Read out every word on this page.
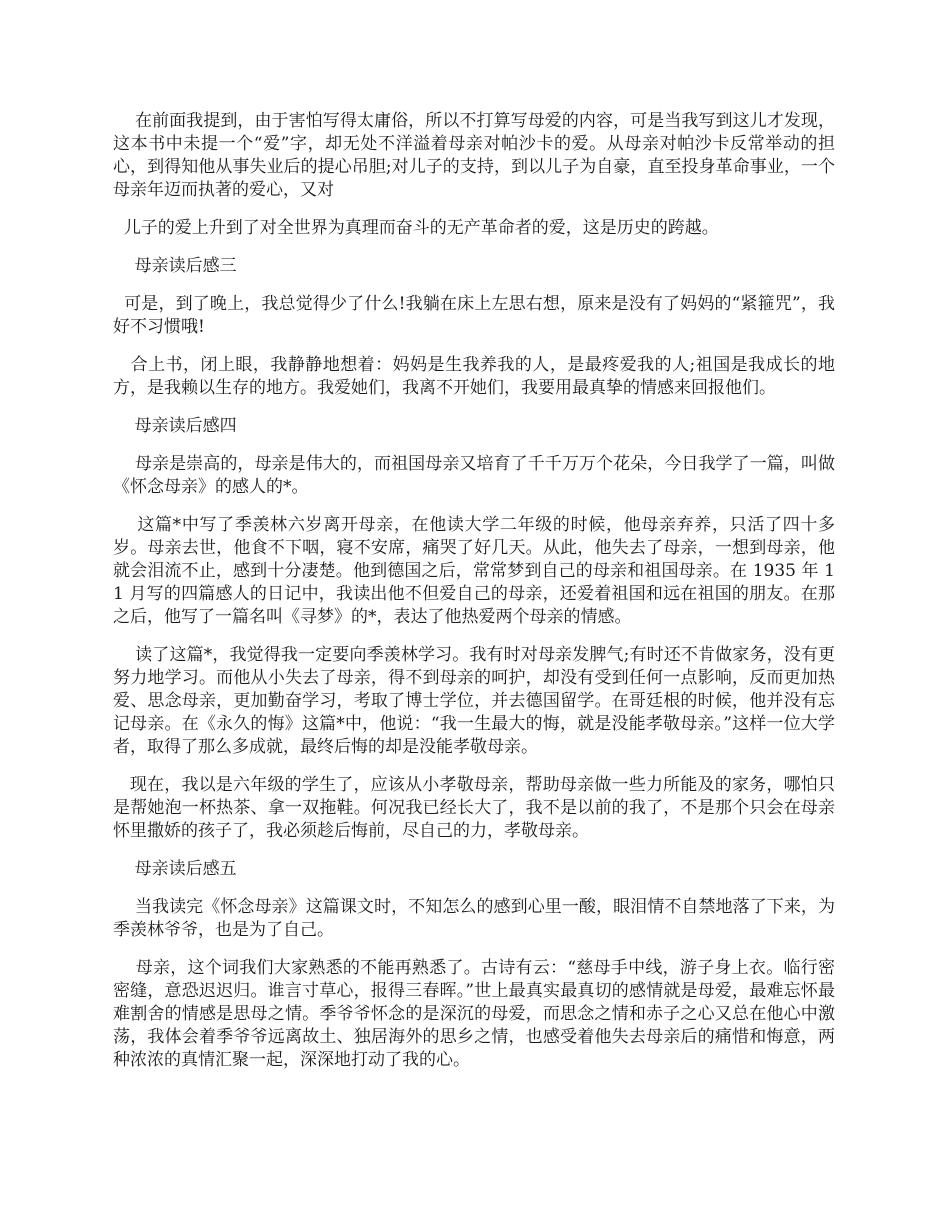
在前面我提到，由于害怕写得太庸俗，所以不打算写母爱的内容，可是当我写到这儿才发现，这本书中未提一个“爱”字，却无处不洋溢着母亲对帕沙卡的爱。从母亲对帕沙卡反常举动的担心，到得知他从事失业后的提心吊胆;对儿子的支持，到以儿子为自豪，直至投身革命事业，一个母亲年迈而执著的爱心，又对

儿子的爱上升到了对全世界为真理而奋斗的无产革命者的爱，这是历史的跨越。

母亲读后感三

可是，到了晚上，我总觉得少了什么!我躺在床上左思右想，原来是没有了妈妈的“紧箍咒”，我好不习惯哦!

合上书，闭上眼，我静静地想着：妈妈是生我养我的人，是最疼爱我的人;祖国是我成长的地方，是我赖以生存的地方。我爱她们，我离不开她们，我要用最真挚的情感来回报他们。

母亲读后感四

母亲是崇高的，母亲是伟大的，而祖国母亲又培育了千千万万个花朵，今日我学了一篇，叫做《怀念母亲》的感人的*。

这篇*中写了季羡林六岁离开母亲，在他读大学二年级的时候，他母亲弃养，只活了四十多岁。母亲去世，他食不下咽，寝不安席，痛哭了好几天。从此，他失去了母亲，一想到母亲，他就会泪流不止，感到十分凄楚。他到德国之后，常常梦到自己的母亲和祖国母亲。在 1935 年 11 月写的四篇感人的日记中，我读出他不但爱自己的母亲，还爱着祖国和远在祖国的朋友。在那之后，他写了一篇名叫《寻梦》的*，表达了他热爱两个母亲的情感。

读了这篇*，我觉得我一定要向季羡林学习。我有时对母亲发脾气;有时还不肯做家务，没有更努力地学习。而他从小失去了母亲，得不到母亲的呵护，却没有受到任何一点影响，反而更加热爱、思念母亲，更加勤奋学习，考取了博士学位，并去德国留学。在哥廷根的时候，他并没有忘记母亲。在《永久的悔》这篇*中，他说：“我一生最大的悔，就是没能孝敬母亲。”这样一位大学者，取得了那么多成就，最终后悔的却是没能孝敬母亲。

现在，我以是六年级的学生了，应该从小孝敬母亲，帮助母亲做一些力所能及的家务，哪怕只是帮她泡一杯热茶、拿一双拖鞋。何况我已经长大了，我不是以前的我了，不是那个只会在母亲怀里撒娇的孩子了，我必须趁后悔前，尽自己的力，孝敬母亲。

母亲读后感五

当我读完《怀念母亲》这篇课文时，不知怎么的感到心里一酸，眼泪情不自禁地落了下来，为季羡林爷爷，也是为了自己。

母亲，这个词我们大家熟悉的不能再熟悉了。古诗有云：“慈母手中线，游子身上衣。临行密密缝，意恐迟迟归。谁言寸草心，报得三春晖。”世上最真实最真切的感情就是母爱，最难忘怀最难割舍的情感是思母之情。季爷爷怀念的是深沉的母爱，而思念之情和赤子之心又总在他心中激荡，我体会着季爷爷远离故土、独居海外的思乡之情，也感受着他失去母亲后的痛惜和悔意，两种浓浓的真情汇聚一起，深深地打动了我的心。
